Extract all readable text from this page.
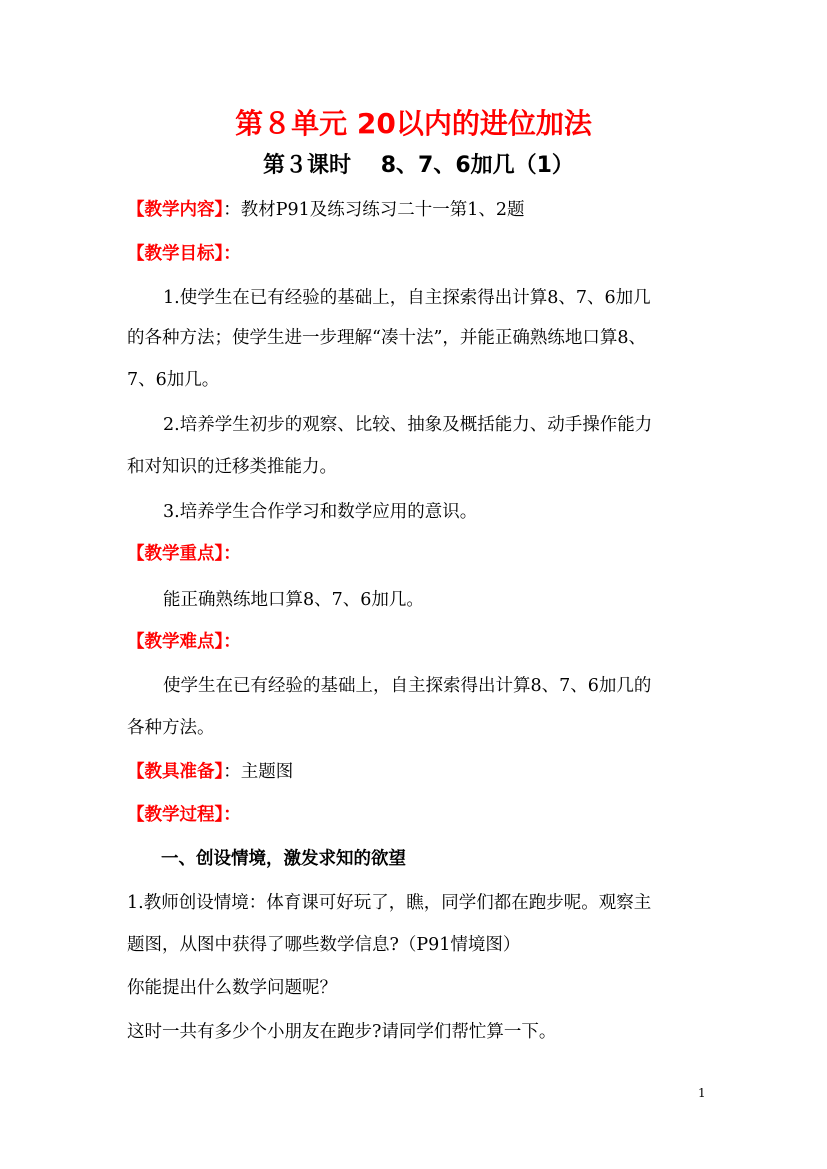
第８单元 20以内的进位加法
第３课时　 8、7、6加几（1）
【教学内容】：教材P91及练习练习二十一第1、2题
【教学目标】：
1.使学生在已有经验的基础上，自主探索得出计算8、7、6加几
的各种方法；使学生进一步理解“凑十法”，并能正确熟练地口算8、
7、6加几。
2.培养学生初步的观察、比较、抽象及概括能力、动手操作能力
和对知识的迁移类推能力。
3.培养学生合作学习和数学应用的意识。
【教学重点】：
能正确熟练地口算8、7、6加几。
【教学难点】：
使学生在已有经验的基础上，自主探索得出计算8、7、6加几的
各种方法。
【教具准备】：主题图
【教学过程】：
一、创设情境，激发求知的欲望
1.教师创设情境：体育课可好玩了，瞧，同学们都在跑步呢。观察主
题图，从图中获得了哪些数学信息?（P91情境图）
你能提出什么数学问题呢？
这时一共有多少个小朋友在跑步?请同学们帮忙算一下。
1
